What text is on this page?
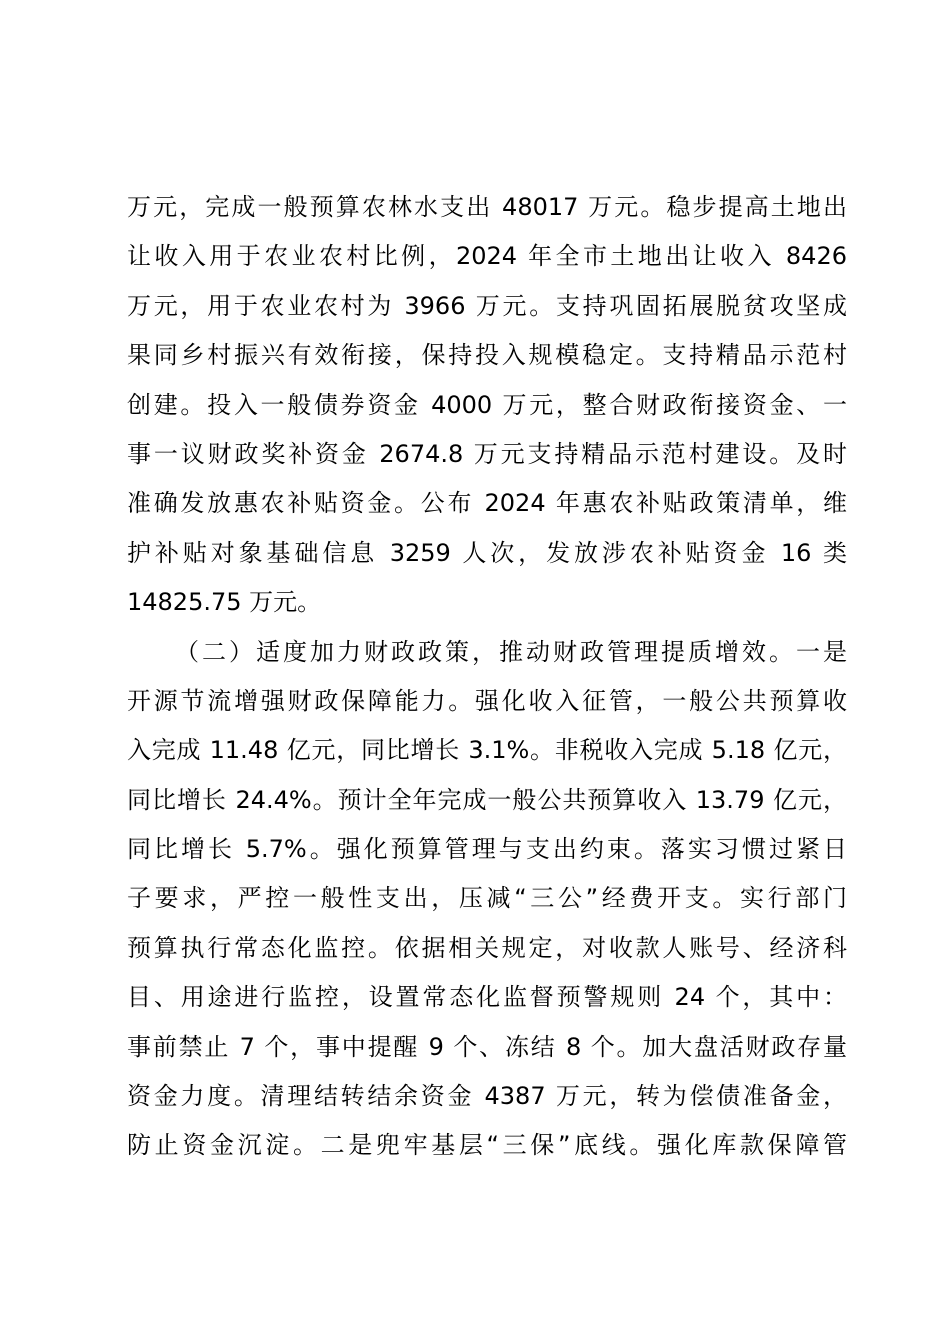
万元，完成一般预算农林水支出 48017 万元。稳步提高土地出
让收入用于农业农村比例，2024 年全市土地出让收入 8426
万元，用于农业农村为 3966 万元。支持巩固拓展脱贫攻坚成
果同乡村振兴有效衔接，保持投入规模稳定。支持精品示范村
创建。投入一般债券资金 4000 万元，整合财政衔接资金、一
事一议财政奖补资金 2674.8 万元支持精品示范村建设。及时
准确发放惠农补贴资金。公布 2024 年惠农补贴政策清单，维
护补贴对象基础信息 3259 人次，发放涉农补贴资金 16 类
14825.75 万元。
（二）适度加力财政政策，推动财政管理提质增效。一是
开源节流增强财政保障能力。强化收入征管，一般公共预算收
入完成 11.48 亿元，同比增长 3.1%。非税收入完成 5.18 亿元，
同比增长 24.4%。预计全年完成一般公共预算收入 13.79 亿元，
同比增长 5.7%。强化预算管理与支出约束。落实习惯过紧日
子要求，严控一般性支出，压减“三公”经费开支。实行部门
预算执行常态化监控。依据相关规定，对收款人账号、经济科
目、用途进行监控，设置常态化监督预警规则 24 个，其中：
事前禁止 7 个，事中提醒 9 个、冻结 8 个。加大盘活财政存量
资金力度。清理结转结余资金 4387 万元，转为偿债准备金，
防止资金沉淀。二是兜牢基层“三保”底线。强化库款保障管
